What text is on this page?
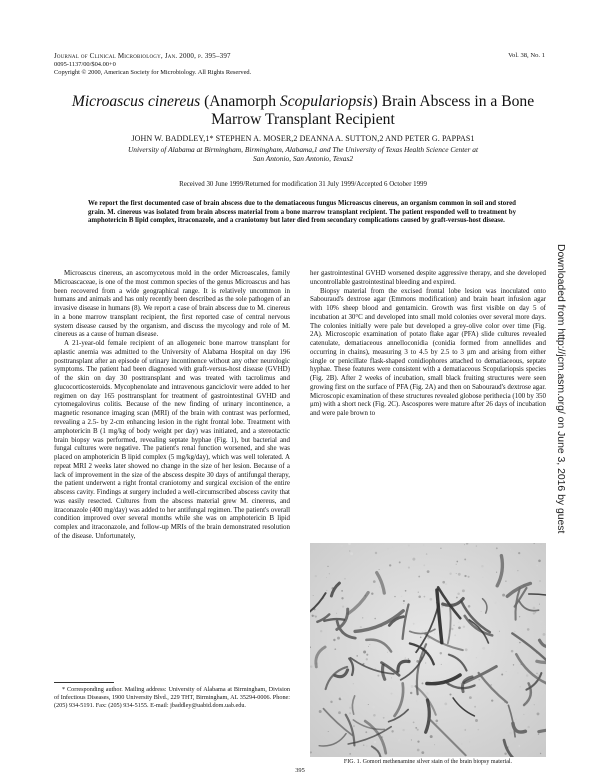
Journal of Clinical Microbiology, Jan. 2000, p. 395–397
0095-1137/00/$04.00+0
Copyright © 2000, American Society for Microbiology. All Rights Reserved.
Vol. 38, No. 1
Microascus cinereus (Anamorph Scopulariopsis) Brain Abscess in a Bone Marrow Transplant Recipient
JOHN W. BADDLEY,1* STEPHEN A. MOSER,2 DEANNA A. SUTTON,2 AND PETER G. PAPPAS1
University of Alabama at Birmingham, Birmingham, Alabama,1 and The University of Texas Health Science Center at
San Antonio, San Antonio, Texas2
Received 30 June 1999/Returned for modification 31 July 1999/Accepted 6 October 1999
We report the first documented case of brain abscess due to the dematiaceous fungus Microascus cinereus, an organism common in soil and stored grain. M. cinereus was isolated from brain abscess material from a bone marrow transplant recipient. The patient responded well to treatment by amphotericin B lipid complex, itraconazole, and a craniotomy but later died from secondary complications caused by graft-versus-host disease.

Microascus cinereus, an ascomycetous mold in the order Microascales, family Microascaceae, is one of the most common species of the genus Microascus and has been recovered from a wide geographical range. It is relatively uncommon in humans and animals and has only recently been described as the sole pathogen of an invasive disease in humans (8). We report a case of brain abscess due to M. cinereus in a bone marrow transplant recipient, the first reported case of central nervous system disease caused by the organism, and discuss the mycology and role of M. cinereus as a cause of human disease.

A 21-year-old female recipient of an allogeneic bone marrow transplant for aplastic anemia was admitted to the University of Alabama Hospital on day 196 posttransplant after an episode of urinary incontinence without any other neurologic symptoms. The patient had been diagnosed with graft-versus-host disease (GVHD) of the skin on day 30 posttransplant and was treated with tacrolimus and glucocorticosteroids. Mycophenolate and intravenous ganciclovir were added to her regimen on day 165 posttransplant for treatment of gastrointestinal GVHD and cytomegalovirus colitis. Because of the new finding of urinary incontinence, a magnetic resonance imaging scan (MRI) of the brain with contrast was performed, revealing a 2.5- by 2-cm enhancing lesion in the right frontal lobe. Treatment with amphotericin B (1 mg/kg of body weight per day) was initiated, and a stereotactic brain biopsy was performed, revealing septate hyphae (Fig. 1), but bacterial and fungal cultures were negative. The patient's renal function worsened, and she was placed on amphotericin B lipid complex (5 mg/kg/day), which was well tolerated. A repeat MRI 2 weeks later showed no change in the size of her lesion. Because of a lack of improvement in the size of the abscess despite 30 days of antifungal therapy, the patient underwent a right frontal craniotomy and surgical excision of the entire abscess cavity. Findings at surgery included a well-circumscribed abscess cavity that was easily resected. Cultures from the abscess material grew M. cinereus, and itraconazole (400 mg/day) was added to her antifungal regimen. The patient's overall condition improved over several months while she was on amphotericin B lipid complex and itraconazole, and follow-up MRIs of the brain demonstrated resolution of the disease. Unfortunately,

her gastrointestinal GVHD worsened despite aggressive therapy, and she developed uncontrollable gastrointestinal bleeding and expired.

Biopsy material from the excised frontal lobe lesion was inoculated onto Sabouraud's dextrose agar (Emmons modification) and brain heart infusion agar with 10% sheep blood and gentamicin. Growth was first visible on day 5 of incubation at 30°C and developed into small mold colonies over several more days. The colonies initially were pale but developed a grey-olive color over time (Fig. 2A). Microscopic examination of potato flake agar (PFA) slide cultures revealed catenulate, dematiaceous annelloconidia (conidia formed from annellides and occurring in chains), measuring 3 to 4.5 by 2.5 to 3 μm and arising from either single or penicillate flask-shaped conidiophores attached to dematiaceous, septate hyphae. These features were consistent with a dematiaceous Scopulariopsis species (Fig. 2B). After 2 weeks of incubation, small black fruiting structures were seen growing first on the surface of PFA (Fig. 2A) and then on Sabouraud's dextrose agar. Microscopic examination of these structures revealed globose perithecia (100 by 350 μm) with a short neck (Fig. 2C). Ascospores were mature after 26 days of incubation and were pale brown to

* Corresponding author. Mailing address: University of Alabama at Birmingham, Division of Infectious Diseases, 1900 University Blvd., 229 THT, Birmingham, AL 35294-0006. Phone: (205) 934-5191. Fax: (205) 934-5155. E-mail: jbaddley@uabid.dom.uab.edu.

FIG. 1. Gomori methenamine silver stain of the brain biopsy material.
Downloaded from http://jcm.asm.org/ on June 3, 2016 by guest
395
